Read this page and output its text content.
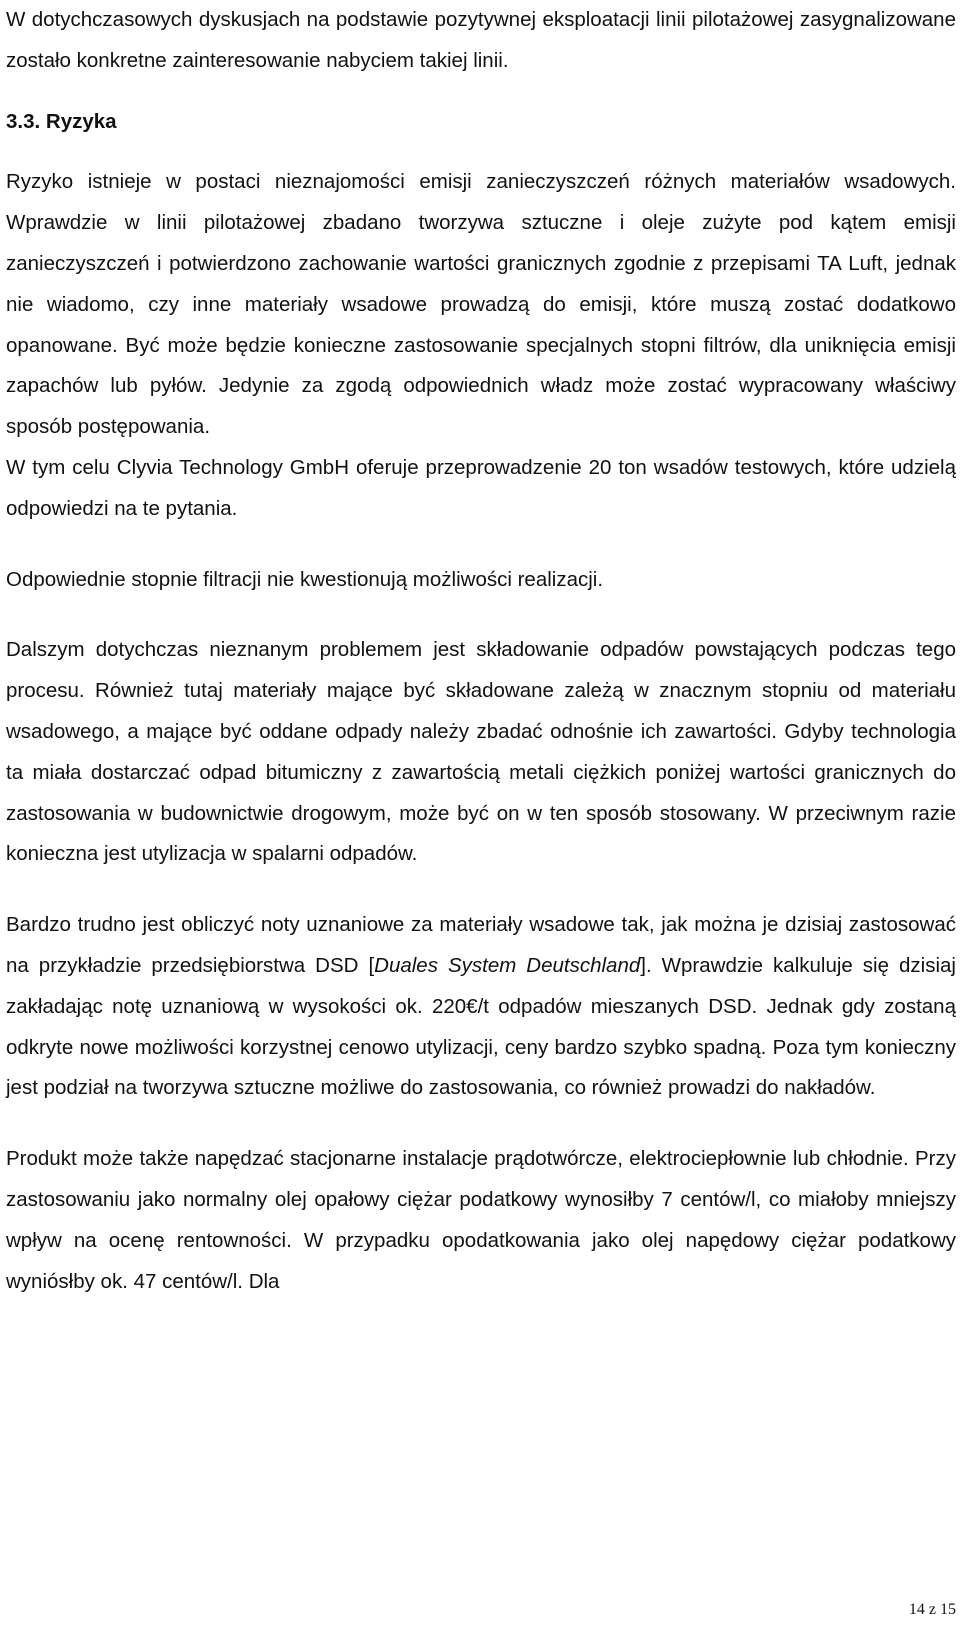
W dotychczasowych dyskusjach na podstawie pozytywnej eksploatacji linii pilotażowej zasygnalizowane zostało konkretne zainteresowanie nabyciem takiej linii.

3.3. Ryzyka

Ryzyko istnieje w postaci nieznajomości emisji zanieczyszczeń różnych materiałów wsadowych. Wprawdzie w linii pilotażowej zbadano tworzywa sztuczne i oleje zużyte pod kątem emisji zanieczyszczeń i potwierdzono zachowanie wartości granicznych zgodnie z przepisami TA Luft, jednak nie wiadomo, czy inne materiały wsadowe prowadzą do emisji, które muszą zostać dodatkowo opanowane. Być może będzie konieczne zastosowanie specjalnych stopni filtrów, dla uniknięcia emisji zapachów lub pyłów. Jedynie za zgodą odpowiednich władz może zostać wypracowany właściwy sposób postępowania.

W tym celu Clyvia Technology GmbH oferuje przeprowadzenie 20 ton wsadów testowych, które udzielą odpowiedzi na te pytania.

Odpowiednie stopnie filtracji nie kwestionują możliwości realizacji.

Dalszym dotychczas nieznanym problemem jest składowanie odpadów powstających podczas tego procesu. Również tutaj materiały mające być składowane zależą w znacznym stopniu od materiału wsadowego, a mające być oddane odpady należy zbadać odnośnie ich zawartości. Gdyby technologia ta miała dostarczać odpad bitumiczny z zawartością metali ciężkich poniżej wartości granicznych do zastosowania w budownictwie drogowym, może być on w ten sposób stosowany. W przeciwnym razie konieczna jest utylizacja w spalarni odpadów.

Bardzo trudno jest obliczyć noty uznaniowe za materiały wsadowe tak, jak można je dzisiaj zastosować na przykładzie przedsiębiorstwa DSD [Duales System Deutschland]. Wprawdzie kalkuluje się dzisiaj zakładając notę uznaniową w wysokości ok. 220€/t odpadów mieszanych DSD. Jednak gdy zostaną odkryte nowe możliwości korzystnej cenowo utylizacji, ceny bardzo szybko spadną. Poza tym konieczny jest podział na tworzywa sztuczne możliwe do zastosowania, co również prowadzi do nakładów.

Produkt może także napędzać stacjonarne instalacje prądotwórcze, elektrociepłownie lub chłodnie. Przy zastosowaniu jako normalny olej opałowy ciężar podatkowy wynosiłby 7 centów/l, co miałoby mniejszy wpływ na ocenę rentowności. W przypadku opodatkowania jako olej napędowy ciężar podatkowy wyniósłby ok. 47 centów/l. Dla

14 z 15
